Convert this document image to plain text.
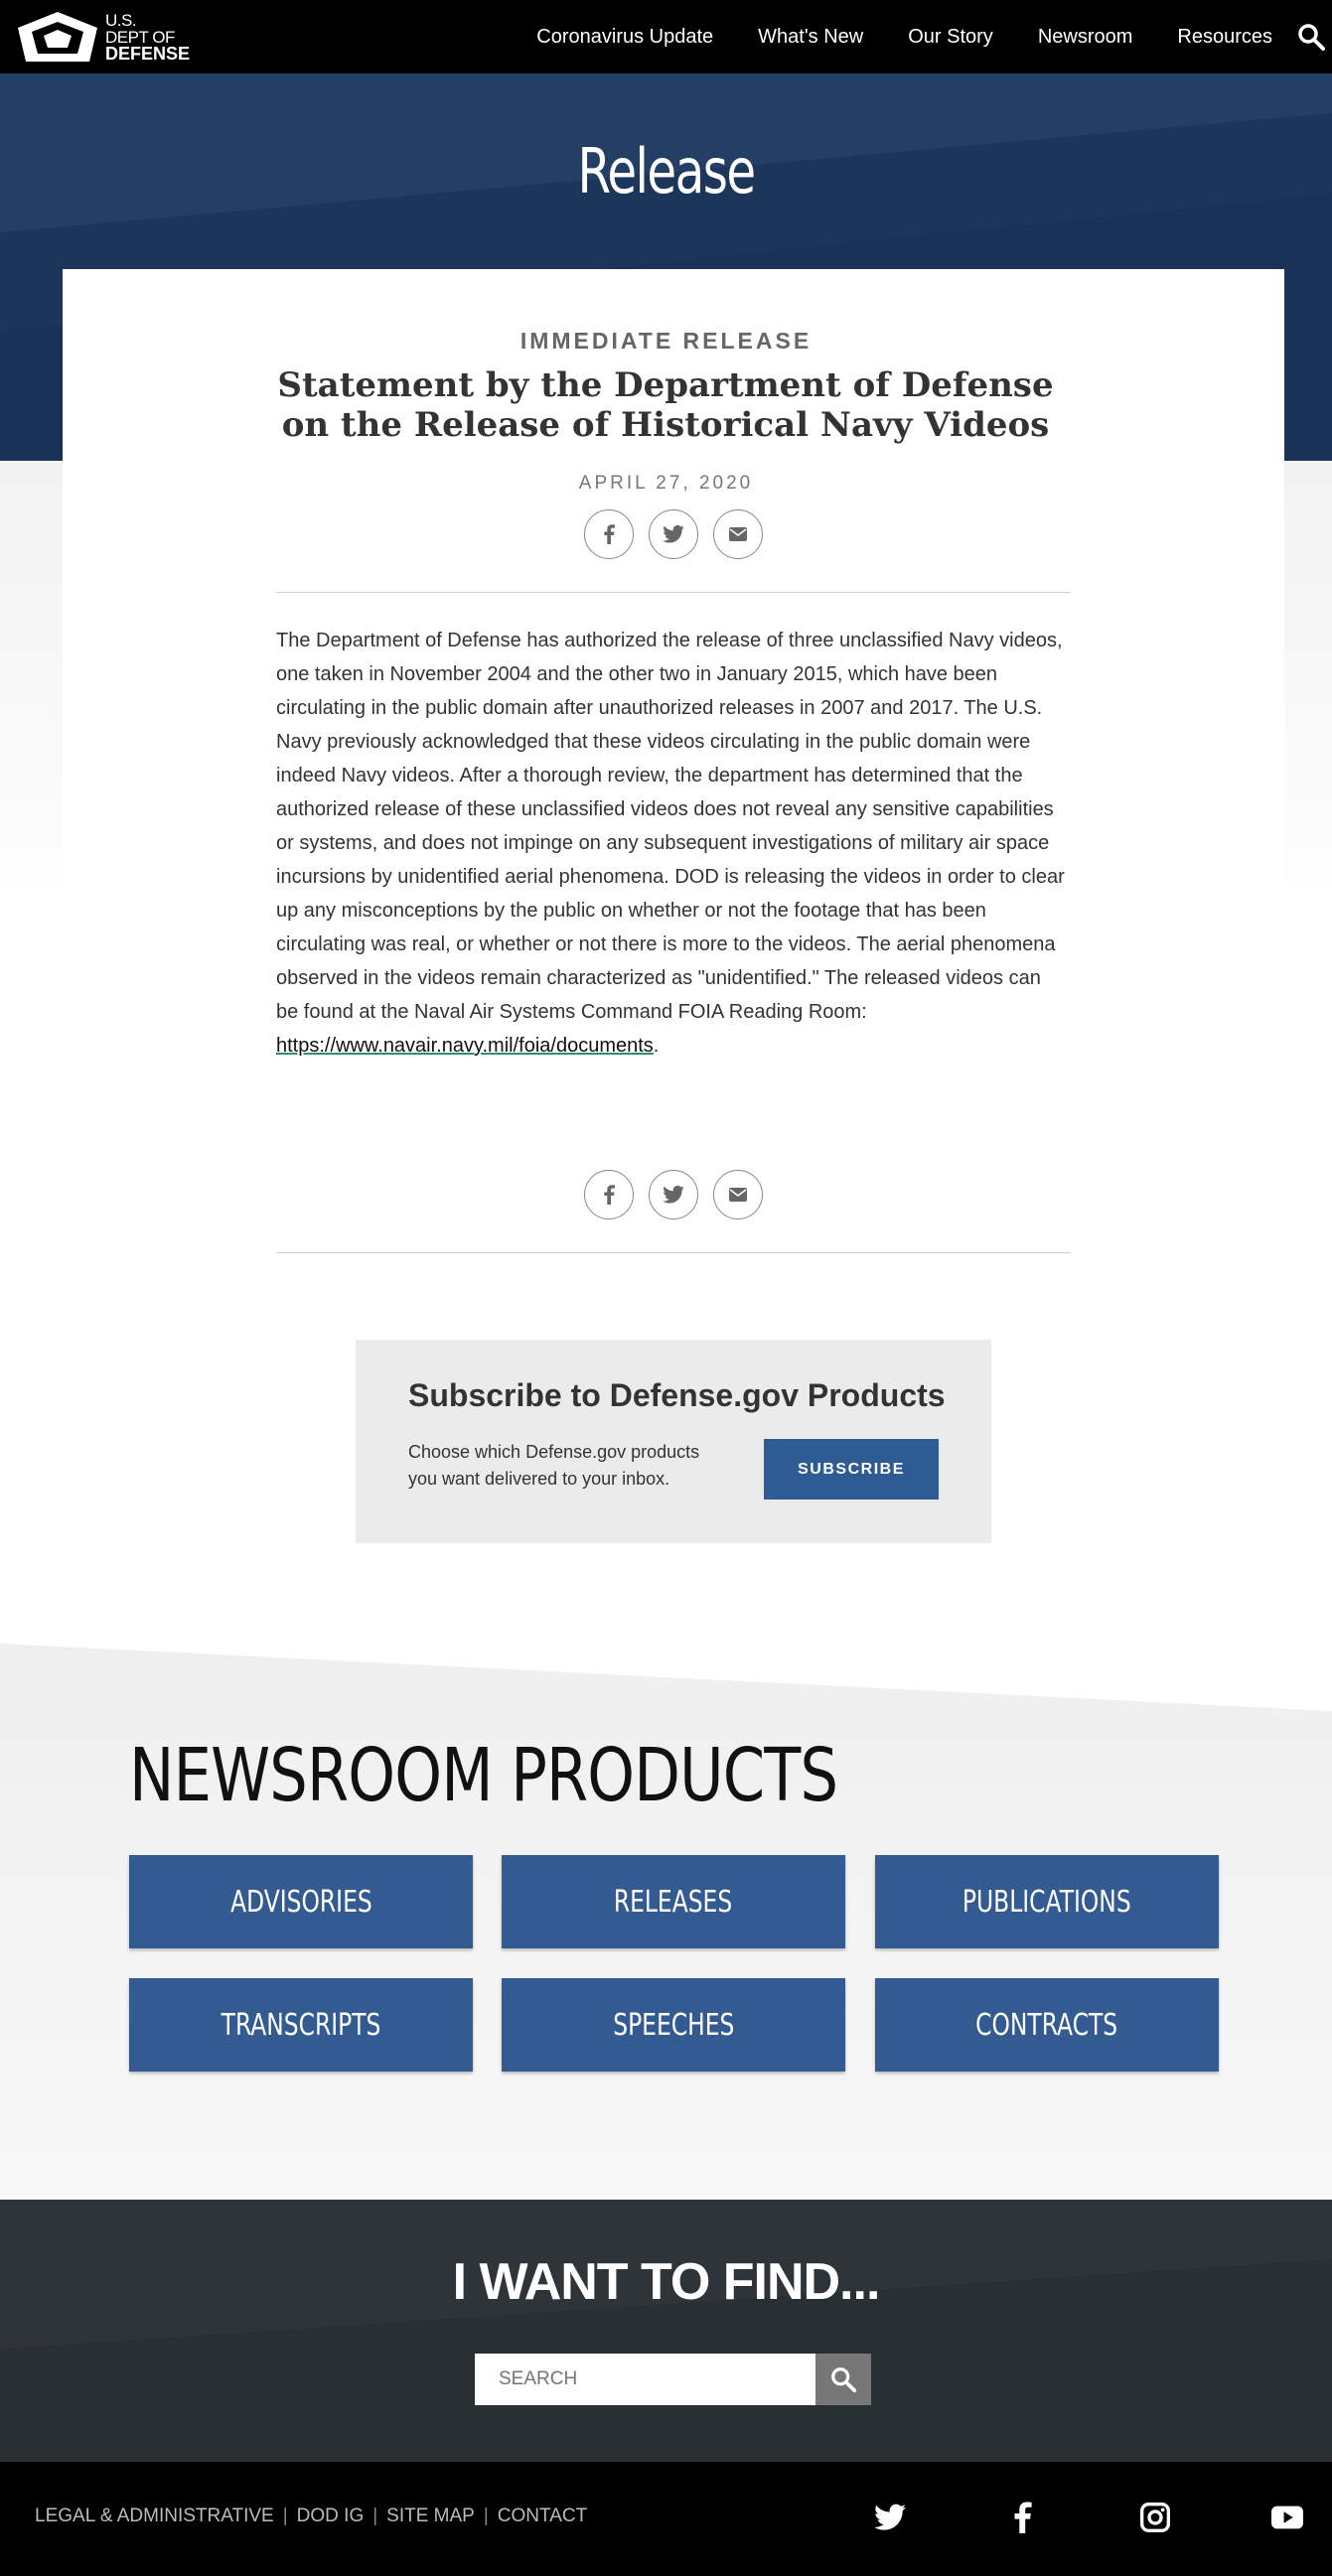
U.S.
DEPT OF
DEFENSE
Coronavirus Update What's New Our Story Newsroom Resources
Release
IMMEDIATE RELEASE
Statement by the Department of Defense on the Release of Historical Navy Videos
APRIL 27, 2020
The Department of Defense has authorized the release of three unclassified Navy videos, one taken in November 2004 and the other two in January 2015, which have been circulating in the public domain after unauthorized releases in 2007 and 2017. The U.S. Navy previously acknowledged that these videos circulating in the public domain were indeed Navy videos. After a thorough review, the department has determined that the authorized release of these unclassified videos does not reveal any sensitive capabilities or systems, and does not impinge on any subsequent investigations of military air space incursions by unidentified aerial phenomena. DOD is releasing the videos in order to clear up any misconceptions by the public on whether or not the footage that has been circulating was real, or whether or not there is more to the videos. The aerial phenomena observed in the videos remain characterized as "unidentified." The released videos can be found at the Naval Air Systems Command FOIA Reading Room: https://www.navair.navy.mil/foia/documents.
Subscribe to Defense.gov Products

Choose which Defense.gov products you want delivered to your inbox.	SUBSCRIBE
NEWSROOM PRODUCTS
ADVISORIES	RELEASES	PUBLICATIONS
TRANSCRIPTS	SPEECHES	CONTRACTS
I WANT TO FIND...
SEARCH
LEGAL & ADMINISTRATIVE | DOD IG | SITE MAP | CONTACT
